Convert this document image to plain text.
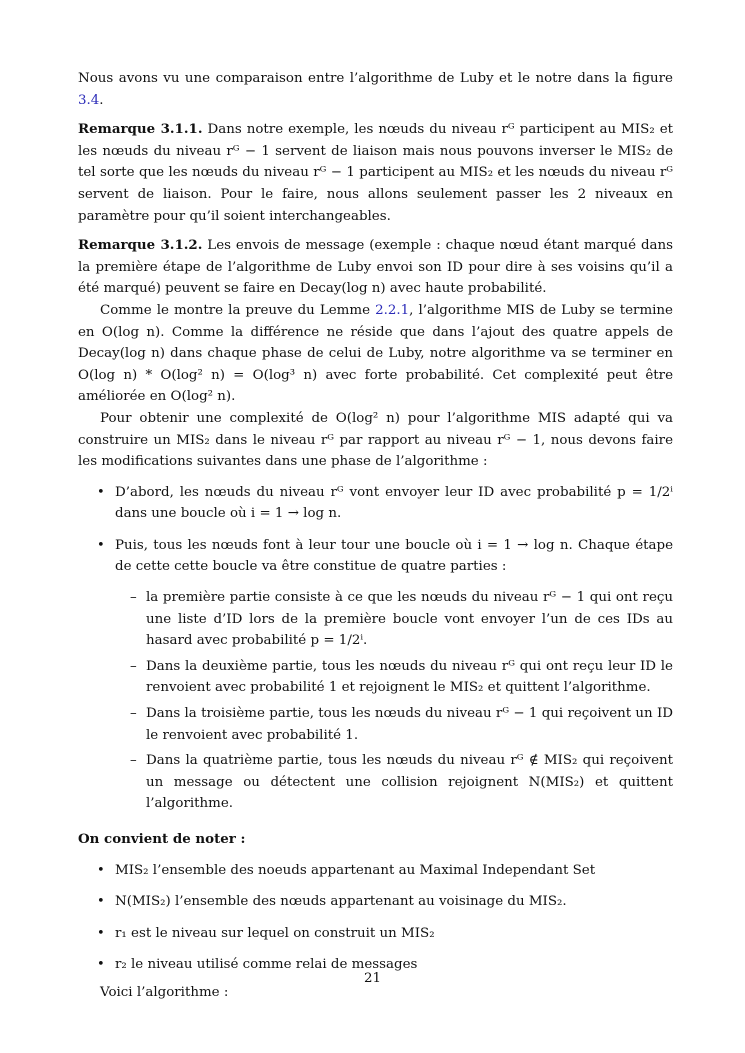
Nous avons vu une comparaison entre l’algorithme de Luby et le notre dans la figure 3.4.

Remarque 3.1.1. Dans notre exemple, les nœuds du niveau rᴳ participent au MIS₂ et les nœuds du niveau rᴳ − 1 servent de liaison mais nous pouvons inverser le MIS₂ de tel sorte que les nœuds du niveau rᴳ − 1 participent au MIS₂ et les nœuds du niveau rᴳ servent de liaison. Pour le faire, nous allons seulement passer les 2 niveaux en paramètre pour qu’il soient interchangeables.

Remarque 3.1.2. Les envois de message (exemple : chaque nœud étant marqué dans la première étape de l’algorithme de Luby envoi son ID pour dire à ses voisins qu’il a été marqué) peuvent se faire en Decay(log n) avec haute probabilité.

Comme le montre la preuve du Lemme 2.2.1, l’algorithme MIS de Luby se termine en O(log n). Comme la différence ne réside que dans l’ajout des quatre appels de Decay(log n) dans chaque phase de celui de Luby, notre algorithme va se terminer en O(log n) * O(log² n) = O(log³ n) avec forte probabilité. Cet complexité peut être améliorée en O(log² n).

Pour obtenir une complexité de O(log² n) pour l’algorithme MIS adapté qui va construire un MIS₂ dans le niveau rᴳ par rapport au niveau rᴳ − 1, nous devons faire les modifications suivantes dans une phase de l’algorithme :

• D’abord, les nœuds du niveau rᴳ vont envoyer leur ID avec probabilité p = 1/2ⁱ dans une boucle où i = 1 → log n.
• Puis, tous les nœuds font à leur tour une boucle où i = 1 → log n. Chaque étape de cette cette boucle va être constitue de quatre parties :
– la première partie consiste à ce que les nœuds du niveau rᴳ − 1 qui ont reçu une liste d’ID lors de la première boucle vont envoyer l’un de ces IDs au hasard avec probabilité p = 1/2ⁱ.
– Dans la deuxième partie, tous les nœuds du niveau rᴳ qui ont reçu leur ID le renvoient avec probabilité 1 et rejoignent le MIS₂ et quittent l’algorithme.
– Dans la troisième partie, tous les nœuds du niveau rᴳ − 1 qui reçoivent un ID le renvoient avec probabilité 1.
– Dans la quatrième partie, tous les nœuds du niveau rᴳ ∉ MIS₂ qui reçoivent un message ou détectent une collision rejoignent N(MIS₂) et quittent l’algorithme.

On convient de noter :

• MIS₂ l’ensemble des noeuds appartenant au Maximal Independant Set
• N(MIS₂) l’ensemble des nœuds appartenant au voisinage du MIS₂.
• r₁ est le niveau sur lequel on construit un MIS₂
• r₂ le niveau utilisé comme relai de messages

Voici l’algorithme :

21
